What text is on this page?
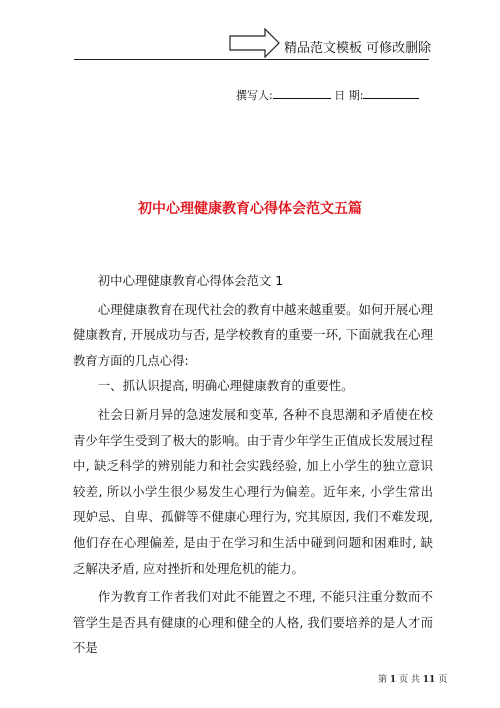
精品范文模板 可修改删除
撰写人:	日 期:
初中心理健康教育心得体会范文五篇

初中心理健康教育心得体会范文 1

心理健康教育在现代社会的教育中越来越重要。如何开展心理健康教育, 开展成功与否, 是学校教育的重要一环, 下面就我在心理教育方面的几点心得:

一、抓认识提高, 明确心理健康教育的重要性。

社会日新月异的急速发展和变革, 各种不良思潮和矛盾使在校青少年学生受到了极大的影响。由于青少年学生正值成长发展过程中, 缺乏科学的辨别能力和社会实践经验, 加上小学生的独立意识较差, 所以小学生很少易发生心理行为偏差。近年来, 小学生常出现妒忌、自卑、孤僻等不健康心理行为, 究其原因, 我们不难发现, 他们存在心理偏差, 是由于在学习和生活中碰到问题和困难时, 缺乏解决矛盾, 应对挫折和处理危机的能力。

作为教育工作者我们对此不能置之不理, 不能只注重分数而不管学生是否具有健康的心理和健全的人格, 我们要培养的是人才而不是

第 1 页 共 11 页
